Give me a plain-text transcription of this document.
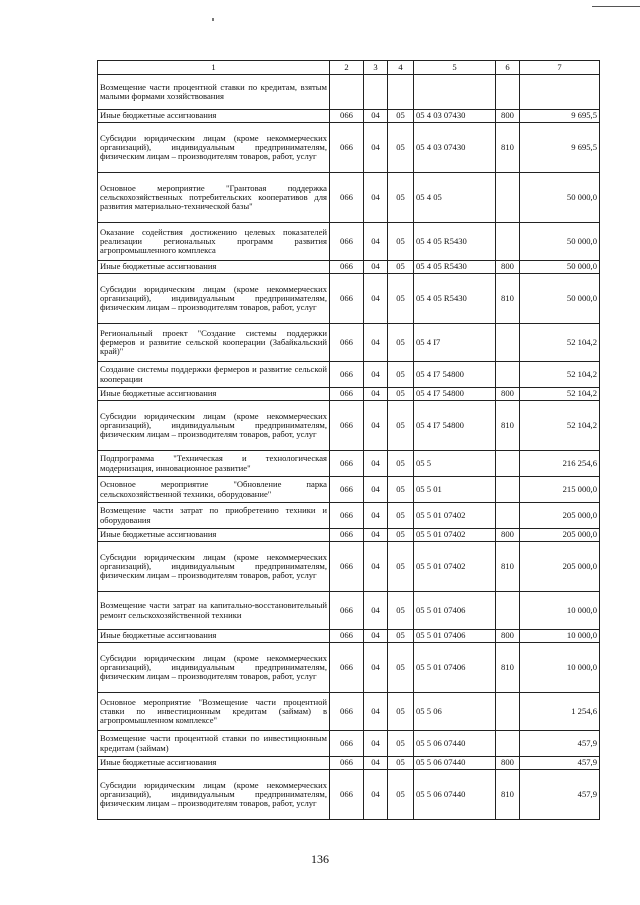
1	2	3	4	5	6	7
Возмещение части процентной ставки по кредитам, взятым малыми формами хозяйствования						
Иные бюджетные ассигнования	066	04	05	05 4 03 07430	800	9 695,5
Субсидии юридическим лицам (кроме некоммерческих организаций), индивидуальным предпринимателям, физическим лицам – производителям товаров, работ, услуг	066	04	05	05 4 03 07430	810	9 695,5
Основное мероприятие "Грантовая поддержка сельскохозяйственных потребительских кооперативов для развития материально-технической базы"	066	04	05	05 4 05		50 000,0
Оказание содействия достижению целевых показателей реализации региональных программ развития агропромышленного комплекса	066	04	05	05 4 05 R5430		50 000,0
Иные бюджетные ассигнования	066	04	05	05 4 05 R5430	800	50 000,0
Субсидии юридическим лицам (кроме некоммерческих организаций), индивидуальным предпринимателям, физическим лицам – производителям товаров, работ, услуг	066	04	05	05 4 05 R5430	810	50 000,0
Региональный проект "Создание системы поддержки фермеров и развитие сельской кооперации (Забайкальский край)"	066	04	05	05 4 I7		52 104,2
Создание системы поддержки фермеров и развитие сельской кооперации	066	04	05	05 4 I7 54800		52 104,2
Иные бюджетные ассигнования	066	04	05	05 4 I7 54800	800	52 104,2
Субсидии юридическим лицам (кроме некоммерческих организаций), индивидуальным предпринимателям, физическим лицам – производителям товаров, работ, услуг	066	04	05	05 4 I7 54800	810	52 104,2
Подпрограмма "Техническая и технологическая модернизация, инновационное развитие"	066	04	05	05 5		216 254,6
Основное мероприятие "Обновление парка сельскохозяйственной техники, оборудование"	066	04	05	05 5 01		215 000,0
Возмещение части затрат по приобретению техники и оборудования	066	04	05	05 5 01 07402		205 000,0
Иные бюджетные ассигнования	066	04	05	05 5 01 07402	800	205 000,0
Субсидии юридическим лицам (кроме некоммерческих организаций), индивидуальным предпринимателям, физическим лицам – производителям товаров, работ, услуг	066	04	05	05 5 01 07402	810	205 000,0
Возмещение части затрат на капитально-восстановительный ремонт сельскохозяйственной техники	066	04	05	05 5 01 07406		10 000,0
Иные бюджетные ассигнования	066	04	05	05 5 01 07406	800	10 000,0
Субсидии юридическим лицам (кроме некоммерческих организаций), индивидуальным предпринимателям, физическим лицам – производителям товаров, работ, услуг	066	04	05	05 5 01 07406	810	10 000,0
Основное мероприятие "Возмещение части процентной ставки по инвестиционным кредитам (займам) в агропромышленном комплексе"	066	04	05	05 5 06		1 254,6
Возмещение части процентной ставки по инвестиционным кредитам (займам)	066	04	05	05 5 06 07440		457,9
Иные бюджетные ассигнования	066	04	05	05 5 06 07440	800	457,9
Субсидии юридическим лицам (кроме некоммерческих организаций), индивидуальным предпринимателям, физическим лицам – производителям товаров, работ, услуг	066	04	05	05 5 06 07440	810	457,9
136
